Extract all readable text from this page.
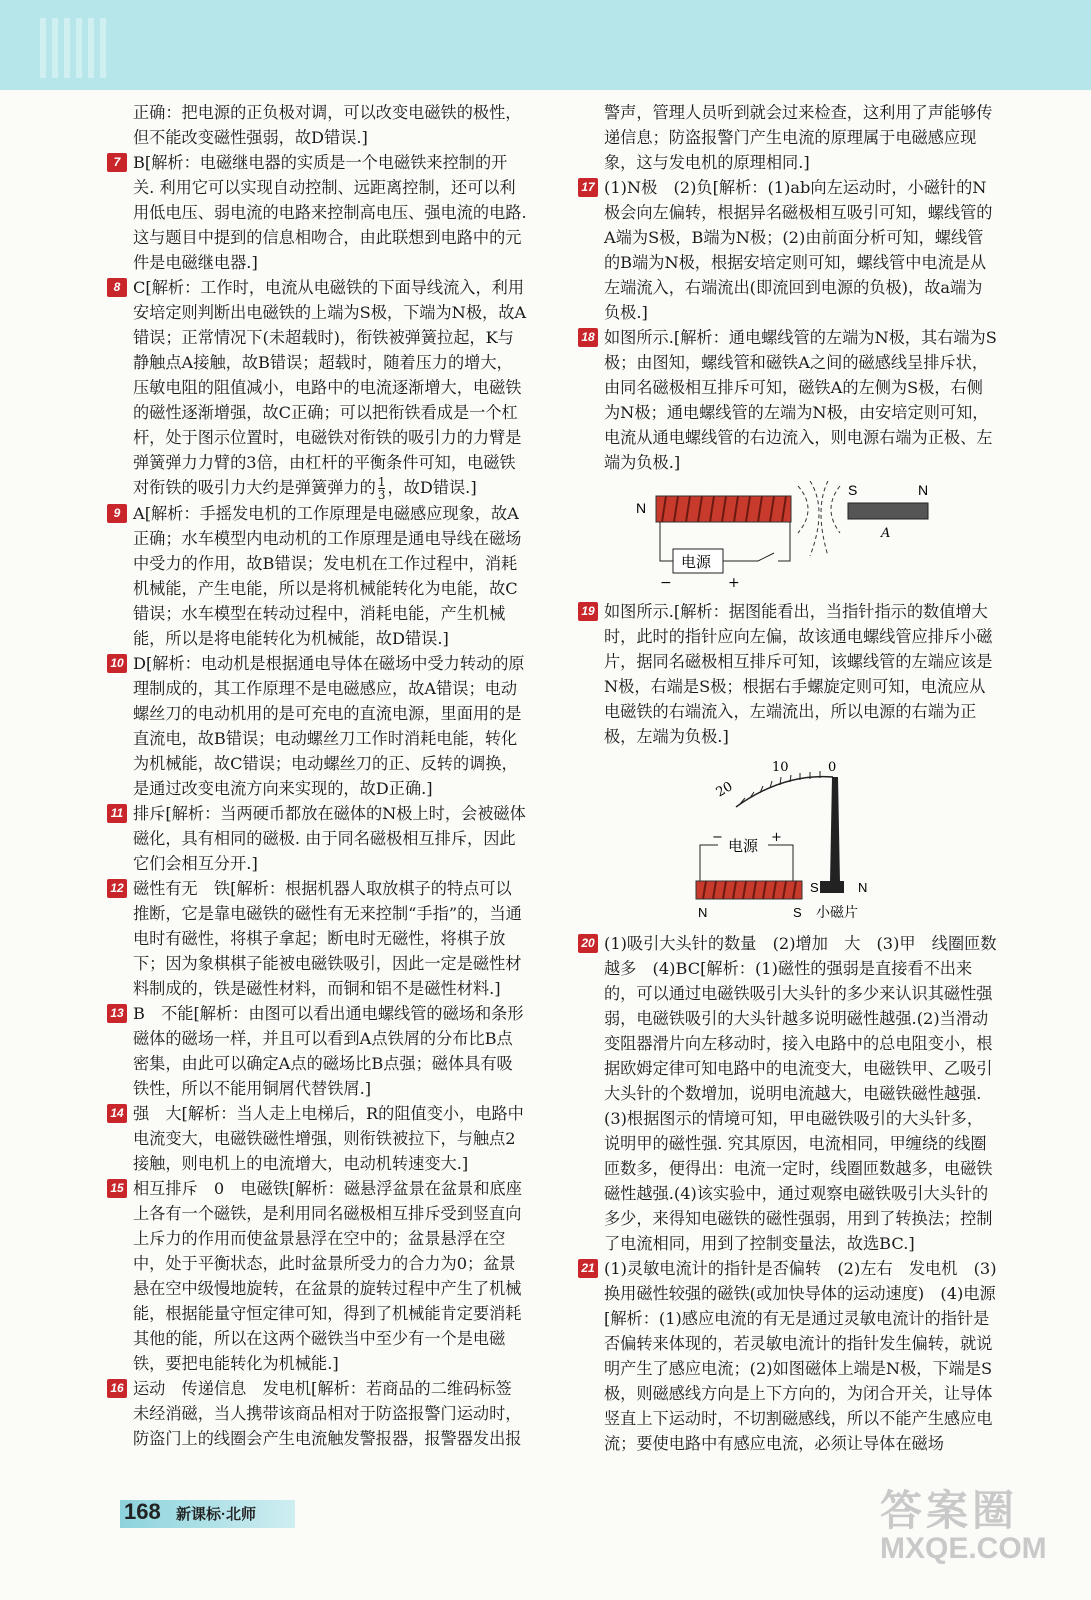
正确：把电源的正负极对调，可以改变电磁铁的极性，但不能改变磁性强弱，故D错误.]

7 B[解析：电磁继电器的实质是一个电磁铁来控制的开关. 利用它可以实现自动控制、远距离控制，还可以利用低电压、弱电流的电路来控制高电压、强电流的电路. 这与题目中提到的信息相吻合，由此联想到电路中的元件是电磁继电器.]

8 C[解析：工作时，电流从电磁铁的下面导线流入，利用安培定则判断出电磁铁的上端为S极，下端为N极，故A错误；正常情况下(未超载时)，衔铁被弹簧拉起，K与静触点A接触，故B错误；超载时，随着压力的增大，压敏电阻的阻值减小，电路中的电流逐渐增大，电磁铁的磁性逐渐增强，故C正确；可以把衔铁看成是一个杠杆，处于图示位置时，电磁铁对衔铁的吸引力的力臂是弹簧弹力力臂的3倍，由杠杆的平衡条件可知，电磁铁对衔铁的吸引力大约是弹簧弹力的 $\frac{1}{3}$ ，故D错误.]

9 A[解析：手摇发电机的工作原理是电磁感应现象，故A正确；水车模型内电动机的工作原理是通电导线在磁场中受力的作用，故B错误；发电机在工作过程中，消耗机械能，产生电能，所以是将机械能转化为电能，故C错误；水车模型在转动过程中，消耗电能，产生机械能，所以是将电能转化为机械能，故D错误.]

10 D[解析：电动机是根据通电导体在磁场中受力转动的原理制成的，其工作原理不是电磁感应，故A错误；电动螺丝刀的电动机用的是可充电的直流电源，里面用的是直流电，故B错误；电动螺丝刀工作时消耗电能，转化为机械能，故C错误；电动螺丝刀的正、反转的调换，是通过改变电流方向来实现的，故D正确.]

11 排斥[解析：当两硬币都放在磁体的N极上时，会被磁体磁化，具有相同的磁极. 由于同名磁极相互排斥，因此它们会相互分开.]

12 磁性有无　铁[解析：根据机器人取放棋子的特点可以推断，它是靠电磁铁的磁性有无来控制“手指”的，当通电时有磁性，将棋子拿起；断电时无磁性，将棋子放下；因为象棋棋子能被电磁铁吸引，因此一定是磁性材料制成的，铁是磁性材料，而铜和铝不是磁性材料.]

13 B　不能[解析：由图可以看出通电螺线管的磁场和条形磁体的磁场一样，并且可以看到A点铁屑的分布比B点密集，由此可以确定A点的磁场比B点强；磁体具有吸铁性，所以不能用铜屑代替铁屑.]

14 强　大[解析：当人走上电梯后，R的阻值变小，电路中电流变大，电磁铁磁性增强，则衔铁被拉下，与触点2接触，则电机上的电流增大，电动机转速变大.]

15 相互排斥　0　电磁铁[解析：磁悬浮盆景在盆景和底座上各有一个磁铁，是利用同名磁极相互排斥受到竖直向上斥力的作用而使盆景悬浮在空中的；盆景悬浮在空中，处于平衡状态，此时盆景所受力的合力为0；盆景悬在空中级慢地旋转，在盆景的旋转过程中产生了机械能，根据能量守恒定律可知，得到了机械能肯定要消耗其他的能，所以在这两个磁铁当中至少有一个是电磁铁，要把电能转化为机械能.]

16 运动　传递信息　发电机[解析：若商品的二维码标签未经消磁，当人携带该商品相对于防盗报警门运动时，防盗门上的线圈会产生电流触发警报器，报警器发出报

警声，管理人员听到就会过来检查，这利用了声能够传递信息；防盗报警门产生电流的原理属于电磁感应现象，这与发电机的原理相同.]

17 (1)N极　(2)负[解析：(1)ab向左运动时，小磁针的N极会向左偏转，根据异名磁极相互吸引可知，螺线管的A端为S极，B端为N极；(2)由前面分析可知，螺线管的B端为N极，根据安培定则可知，螺线管中电流是从左端流入，右端流出(即流回到电源的负极)，故a端为负极.]

18 如图所示.[解析：通电螺线管的左端为N极，其右端为S极；由图知，螺线管和磁铁A之间的磁感线呈排斥状，由同名磁极相互排斥可知，磁铁A的左侧为S极，右侧为N极；通电螺线管的左端为N极，由安培定则可知，电流从通电螺线管的右边流入，则电源右端为正极、左端为负极.]

N
S	N
A
电源
−	+
19 如图所示.[解析：据图能看出，当指针指示的数值增大时，此时的指针应向左偏，故该通电螺线管应排斥小磁片，据同名磁极相互排斥可知，该螺线管的左端应该是N极，右端是S极；根据右手螺旋定则可知，电流应从电磁铁的右端流入，左端流出，所以电源的右端为正极，左端为负极.]

20
10	0
S	N
− 电源 +
N	S 小磁片
20 (1)吸引大头针的数量　(2)增加　大　(3)甲　线圈匝数越多　(4)BC[解析：(1)磁性的强弱是直接看不出来的，可以通过电磁铁吸引大头针的多少来认识其磁性强弱，电磁铁吸引的大头针越多说明磁性越强.(2)当滑动变阻器滑片向左移动时，接入电路中的总电阻变小，根据欧姆定律可知电路中的电流变大，电磁铁甲、乙吸引大头针的个数增加，说明电流越大，电磁铁磁性越强.(3)根据图示的情境可知，甲电磁铁吸引的大头针多，说明甲的磁性强. 究其原因，电流相同，甲缠绕的线圈匝数多，便得出：电流一定时，线圈匝数越多，电磁铁磁性越强.(4)该实验中，通过观察电磁铁吸引大头针的多少，来得知电磁铁的磁性强弱，用到了转换法；控制了电流相同，用到了控制变量法，故选BC.]

21 (1)灵敏电流计的指针是否偏转　(2)左右　发电机　(3)换用磁性较强的磁铁(或加快导体的运动速度)　(4)电源[解析：(1)感应电流的有无是通过灵敏电流计的指针是否偏转来体现的，若灵敏电流计的指针发生偏转，就说明产生了感应电流；(2)如图磁体上端是N极，下端是S极，则磁感线方向是上下方向的，为闭合开关，让导体竖直上下运动时，不切割磁感线，所以不能产生感应电流；要使电路中有感应电流，必须让导体在磁场

168 新课标·北师	答案圈
MXQE.COM
